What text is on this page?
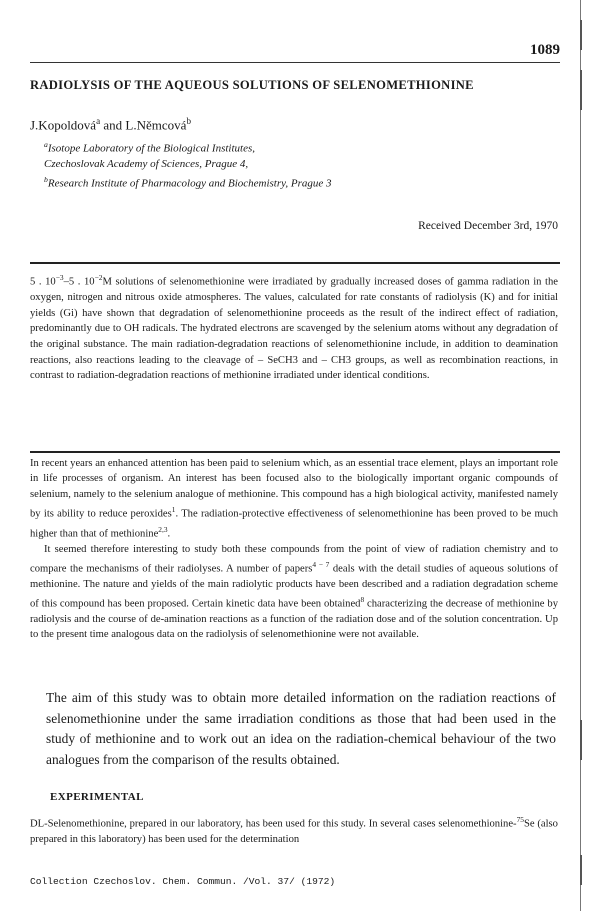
1089
RADIOLYSIS OF THE AQUEOUS SOLUTIONS OF SELENOMETHIONINE
J.Kopoldová$^a$ and L.Němcová$^b$
$^a$Isotope Laboratory of the Biological Institutes,
Czechoslovak Academy of Sciences, Prague 4,
$^b$Research Institute of Pharmacology and Biochemistry, Prague 3
Received December 3rd, 1970
5 . $10^{-3}-5$ . $10^{-2}M$ solutions of selenomethionine were irradiated by gradually increased doses of gamma radiation in the oxygen, nitrogen and nitrous oxide atmospheres. The values, calculated for rate constants of radiolysis (K) and for initial yields (Gi) have shown that degradation of selenomethionine proceeds as the result of the indirect effect of radiation, predominantly due to OH radicals. The hydrated electrons are scavenged by the selenium atoms without any degradation of the original substance. The main radiation-degradation reactions of selenomethionine include, in addition to deamination reactions, also reactions leading to the cleavage of – SeCH3 and – CH3 groups, as well as recombination reactions, in contrast to radiation-degradation reactions of methionine irradiated under identical conditions.

In recent years an enhanced attention has been paid to selenium which, as an essential trace element, plays an important role in life processes of organism. An interest has been focused also to the biologically important organic compounds of selenium, namely to the selenium analogue of methionine. This compound has a high biological activity, manifested namely by its ability to reduce peroxides$^1$. The radiation-protective effectiveness of selenomethionine has been proved to be much higher than that of methionine$^{2,3}$.

It seemed therefore interesting to study both these compounds from the point of view of radiation chemistry and to compare the mechanisms of their radiolyses. A number of papers$^{4 - 7}$ deals with the detail studies of aqueous solutions of methionine. The nature and yields of the main radiolytic products have been described and a radiation degradation scheme of this compound has been proposed. Certain kinetic data have been obtained$^8$ characterizing the decrease of methionine by radiolysis and the course of de-amination reactions as a function of the radiation dose and of the solution concentration. Up to the present time analogous data on the radiolysis of selenomethionine were not available.

The aim of this study was to obtain more detailed information on the radiation reactions of selenomethionine under the same irradiation conditions as those that had been used in the study of methionine and to work out an idea on the radiation-chemical behaviour of the two analogues from the comparison of the results obtained.
EXPERIMENTAL
DL-Selenomethionine, prepared in our laboratory, has been used for this study. In several cases selenomethionine-$^{75}$Se (also prepared in this laboratory) has been used for the determination
Collection Czechoslov. Chem. Commun. /Vol. 37/ (1972)
